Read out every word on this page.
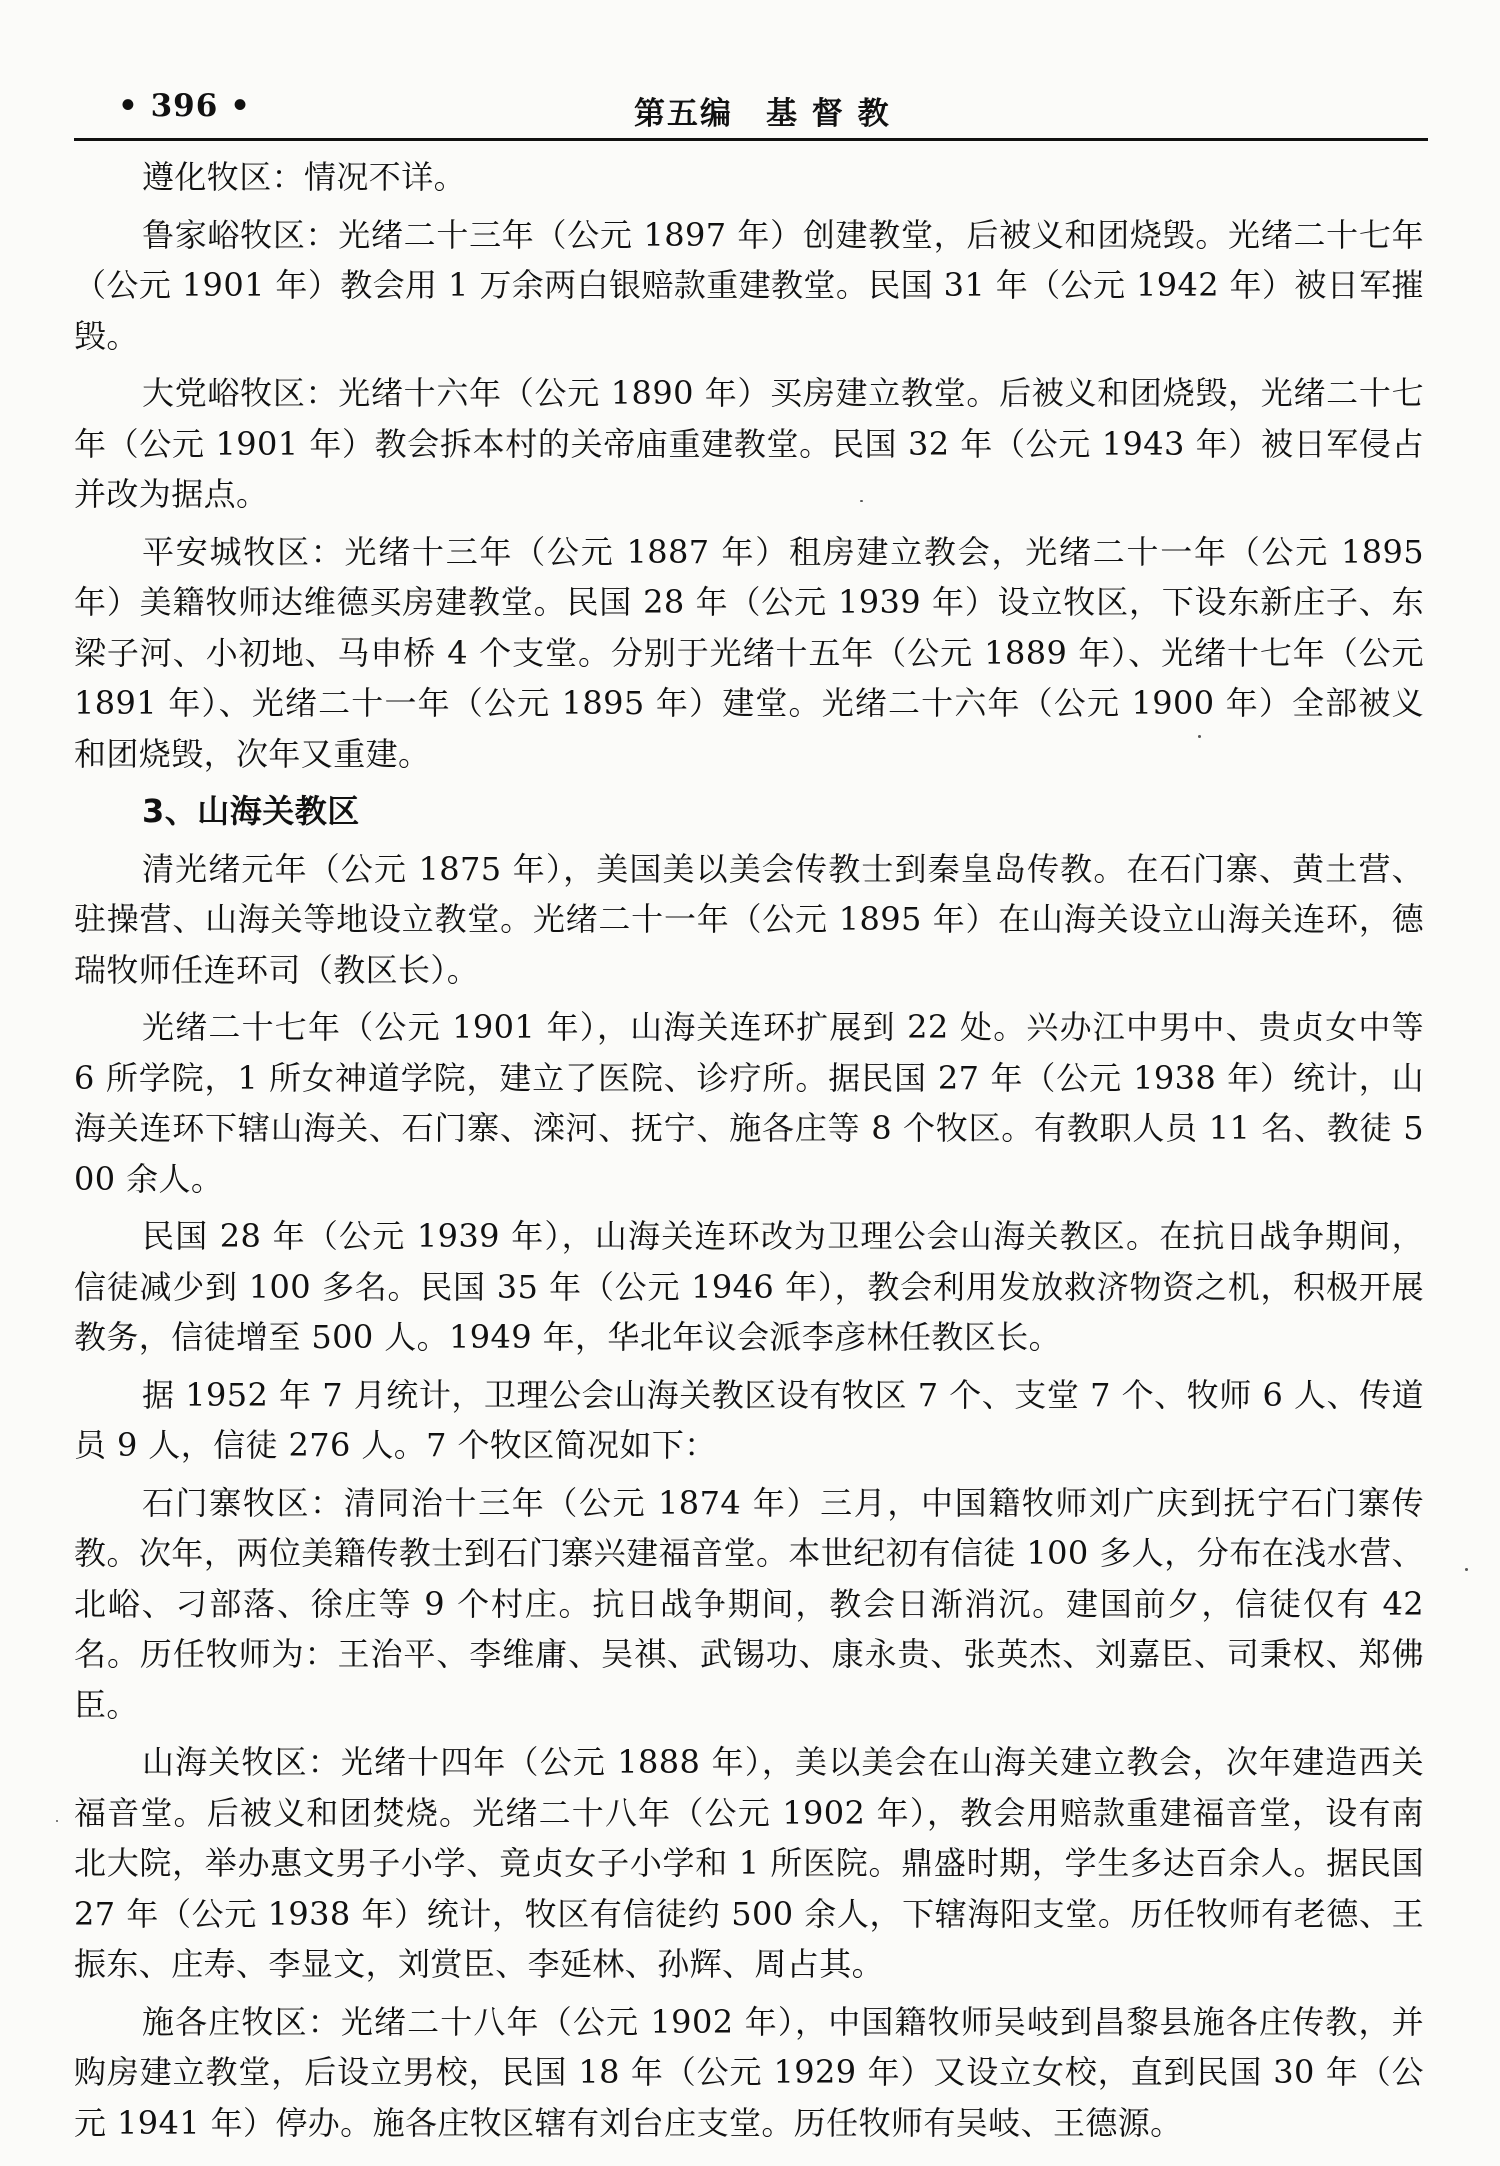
• 396 •	第五编　基 督 教

遵化牧区：情况不详。

鲁家峪牧区：光绪二十三年（公元 1897 年）创建教堂，后被义和团烧毁。光绪二十七年（公元 1901 年）教会用 1 万余两白银赔款重建教堂。民国 31 年（公元 1942 年）被日军摧毁。

大党峪牧区：光绪十六年（公元 1890 年）买房建立教堂。后被义和团烧毁，光绪二十七年（公元 1901 年）教会拆本村的关帝庙重建教堂。民国 32 年（公元 1943 年）被日军侵占并改为据点。

平安城牧区：光绪十三年（公元 1887 年）租房建立教会，光绪二十一年（公元 1895 年）美籍牧师达维德买房建教堂。民国 28 年（公元 1939 年）设立牧区，下设东新庄子、东梁子河、小初地、马申桥 4 个支堂。分别于光绪十五年（公元 1889 年）、光绪十七年（公元 1891 年）、光绪二十一年（公元 1895 年）建堂。光绪二十六年（公元 1900 年）全部被义和团烧毁，次年又重建。

3、山海关教区

清光绪元年（公元 1875 年），美国美以美会传教士到秦皇岛传教。在石门寨、黄土营、驻操营、山海关等地设立教堂。光绪二十一年（公元 1895 年）在山海关设立山海关连环，德瑞牧师任连环司（教区长）。

光绪二十七年（公元 1901 年），山海关连环扩展到 22 处。兴办江中男中、贵贞女中等 6 所学院，1 所女神道学院，建立了医院、诊疗所。据民国 27 年（公元 1938 年）统计，山海关连环下辖山海关、石门寨、滦河、抚宁、施各庄等 8 个牧区。有教职人员 11 名、教徒 500 余人。

民国 28 年（公元 1939 年），山海关连环改为卫理公会山海关教区。在抗日战争期间，信徒减少到 100 多名。民国 35 年（公元 1946 年），教会利用发放救济物资之机，积极开展教务，信徒增至 500 人。1949 年，华北年议会派李彦林任教区长。

据 1952 年 7 月统计，卫理公会山海关教区设有牧区 7 个、支堂 7 个、牧师 6 人、传道员 9 人，信徒 276 人。7 个牧区简况如下：

石门寨牧区：清同治十三年（公元 1874 年）三月，中国籍牧师刘广庆到抚宁石门寨传教。次年，两位美籍传教士到石门寨兴建福音堂。本世纪初有信徒 100 多人，分布在浅水营、北峪、刁部落、徐庄等 9 个村庄。抗日战争期间，教会日渐消沉。建国前夕，信徒仅有 42 名。历任牧师为：王治平、李维庸、吴祺、武锡功、康永贵、张英杰、刘嘉臣、司秉权、郑佛臣。

山海关牧区：光绪十四年（公元 1888 年），美以美会在山海关建立教会，次年建造西关福音堂。后被义和团焚烧。光绪二十八年（公元 1902 年），教会用赔款重建福音堂，设有南北大院，举办惠文男子小学、竟贞女子小学和 1 所医院。鼎盛时期，学生多达百余人。据民国 27 年（公元 1938 年）统计，牧区有信徒约 500 余人，下辖海阳支堂。历任牧师有老德、王振东、庄寿、李显文，刘赏臣、李延林、孙辉、周占其。

施各庄牧区：光绪二十八年（公元 1902 年），中国籍牧师吴岐到昌黎县施各庄传教，并购房建立教堂，后设立男校，民国 18 年（公元 1929 年）又设立女校，直到民国 30 年（公元 1941 年）停办。施各庄牧区辖有刘台庄支堂。历任牧师有吴岐、王德源。
